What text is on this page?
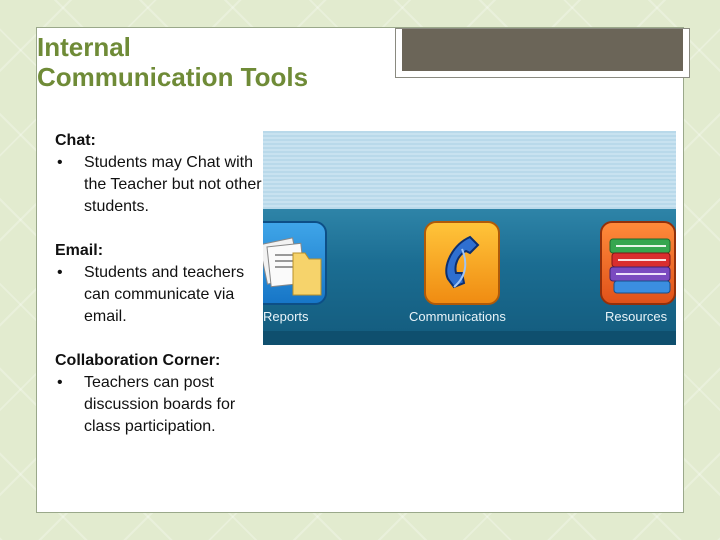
Internal
Communication Tools
Chat:
•	Students may Chat with the Teacher but not other students.
Email:
•	Students and teachers can communicate via email.
Collaboration Corner:
•	Teachers can post discussion boards for class participation.
Reports	Communications	Resources
